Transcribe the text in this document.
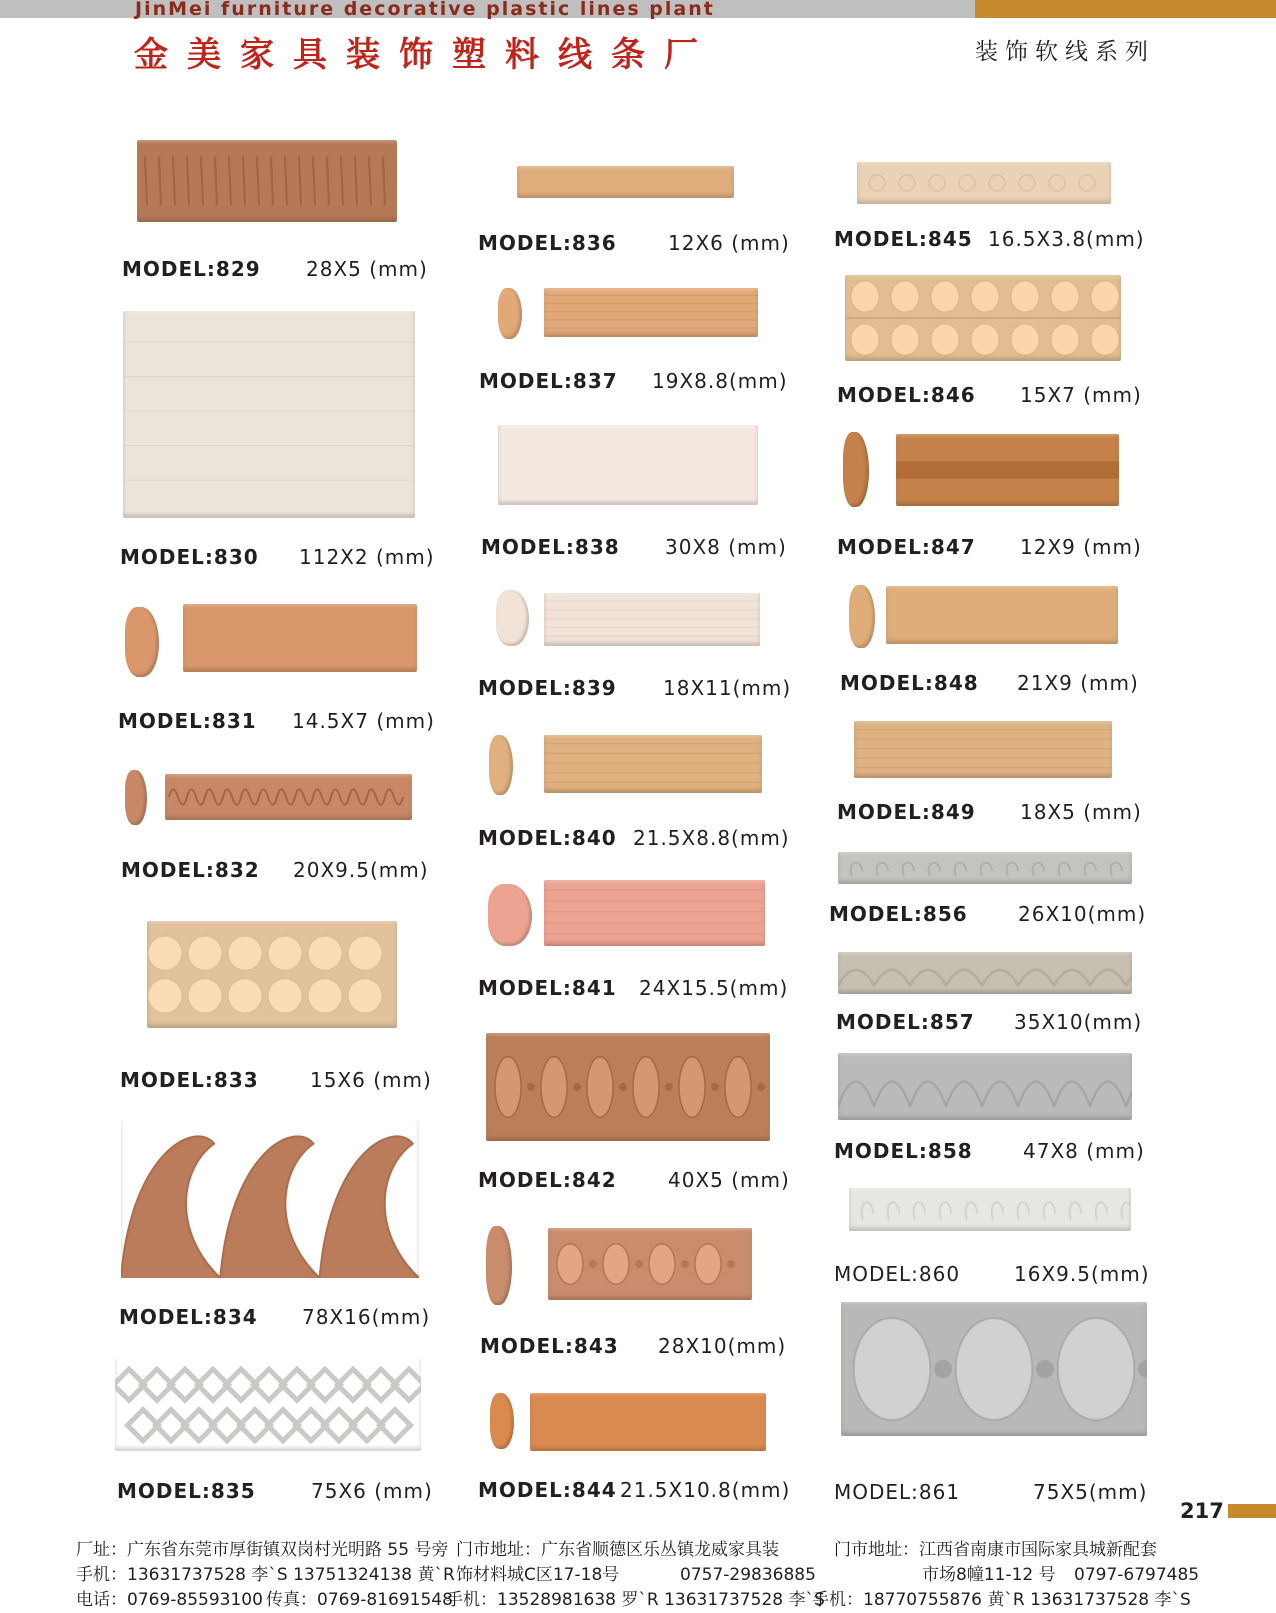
JinMei furniture decorative plastic lines plant
金美家具装饰塑料线条厂	装饰软线系列
MODEL:829 28X5 (mm)
MODEL:830 112X2 (mm)
MODEL:831 14.5X7 (mm)
MODEL:832 20X9.5(mm)
MODEL:833	15X6 (mm)
MODEL:834 78X16(mm)
MODEL:835	75X6 (mm)
MODEL:836	12X6 (mm)
MODEL:837 19X8.8(mm)
MODEL:838 30X8 (mm)
MODEL:839 18X11(mm)
MODEL:840 21.5X8.8(mm)
MODEL:841 24X15.5(mm)
MODEL:842	40X5 (mm)
MODEL:843 28X10(mm)
MODEL:844 21.5X10.8(mm)
MODEL:845 16.5X3.8(mm)
MODEL:846 15X7 (mm)
MODEL:847 12X9 (mm)
MODEL:848 21X9 (mm)
MODEL:849 18X5 (mm)
MODEL:856	26X10(mm)
MODEL:857 35X10(mm)
MODEL:858	47X8 (mm)
MODEL:860	16X9.5(mm)
MODEL:861	75X5(mm)
217
厂址：广东省东莞市厚街镇双岗村光明路 55 号旁 门市地址：广东省顺德区乐丛镇龙威家具装	门市地址：江西省南康市国际家具城新配套
手机：13631737528 李`S 13751324138 黄`R 饰材料城C区17-18号	0757-29836885	市场8幢11-12 号 0797-6797485
电话：0769-85593100 传真：0769-81691548
手机：13528981638 罗`R 13631737528 李`S
手机：18770755876 黄`R 13631737528 李`S
